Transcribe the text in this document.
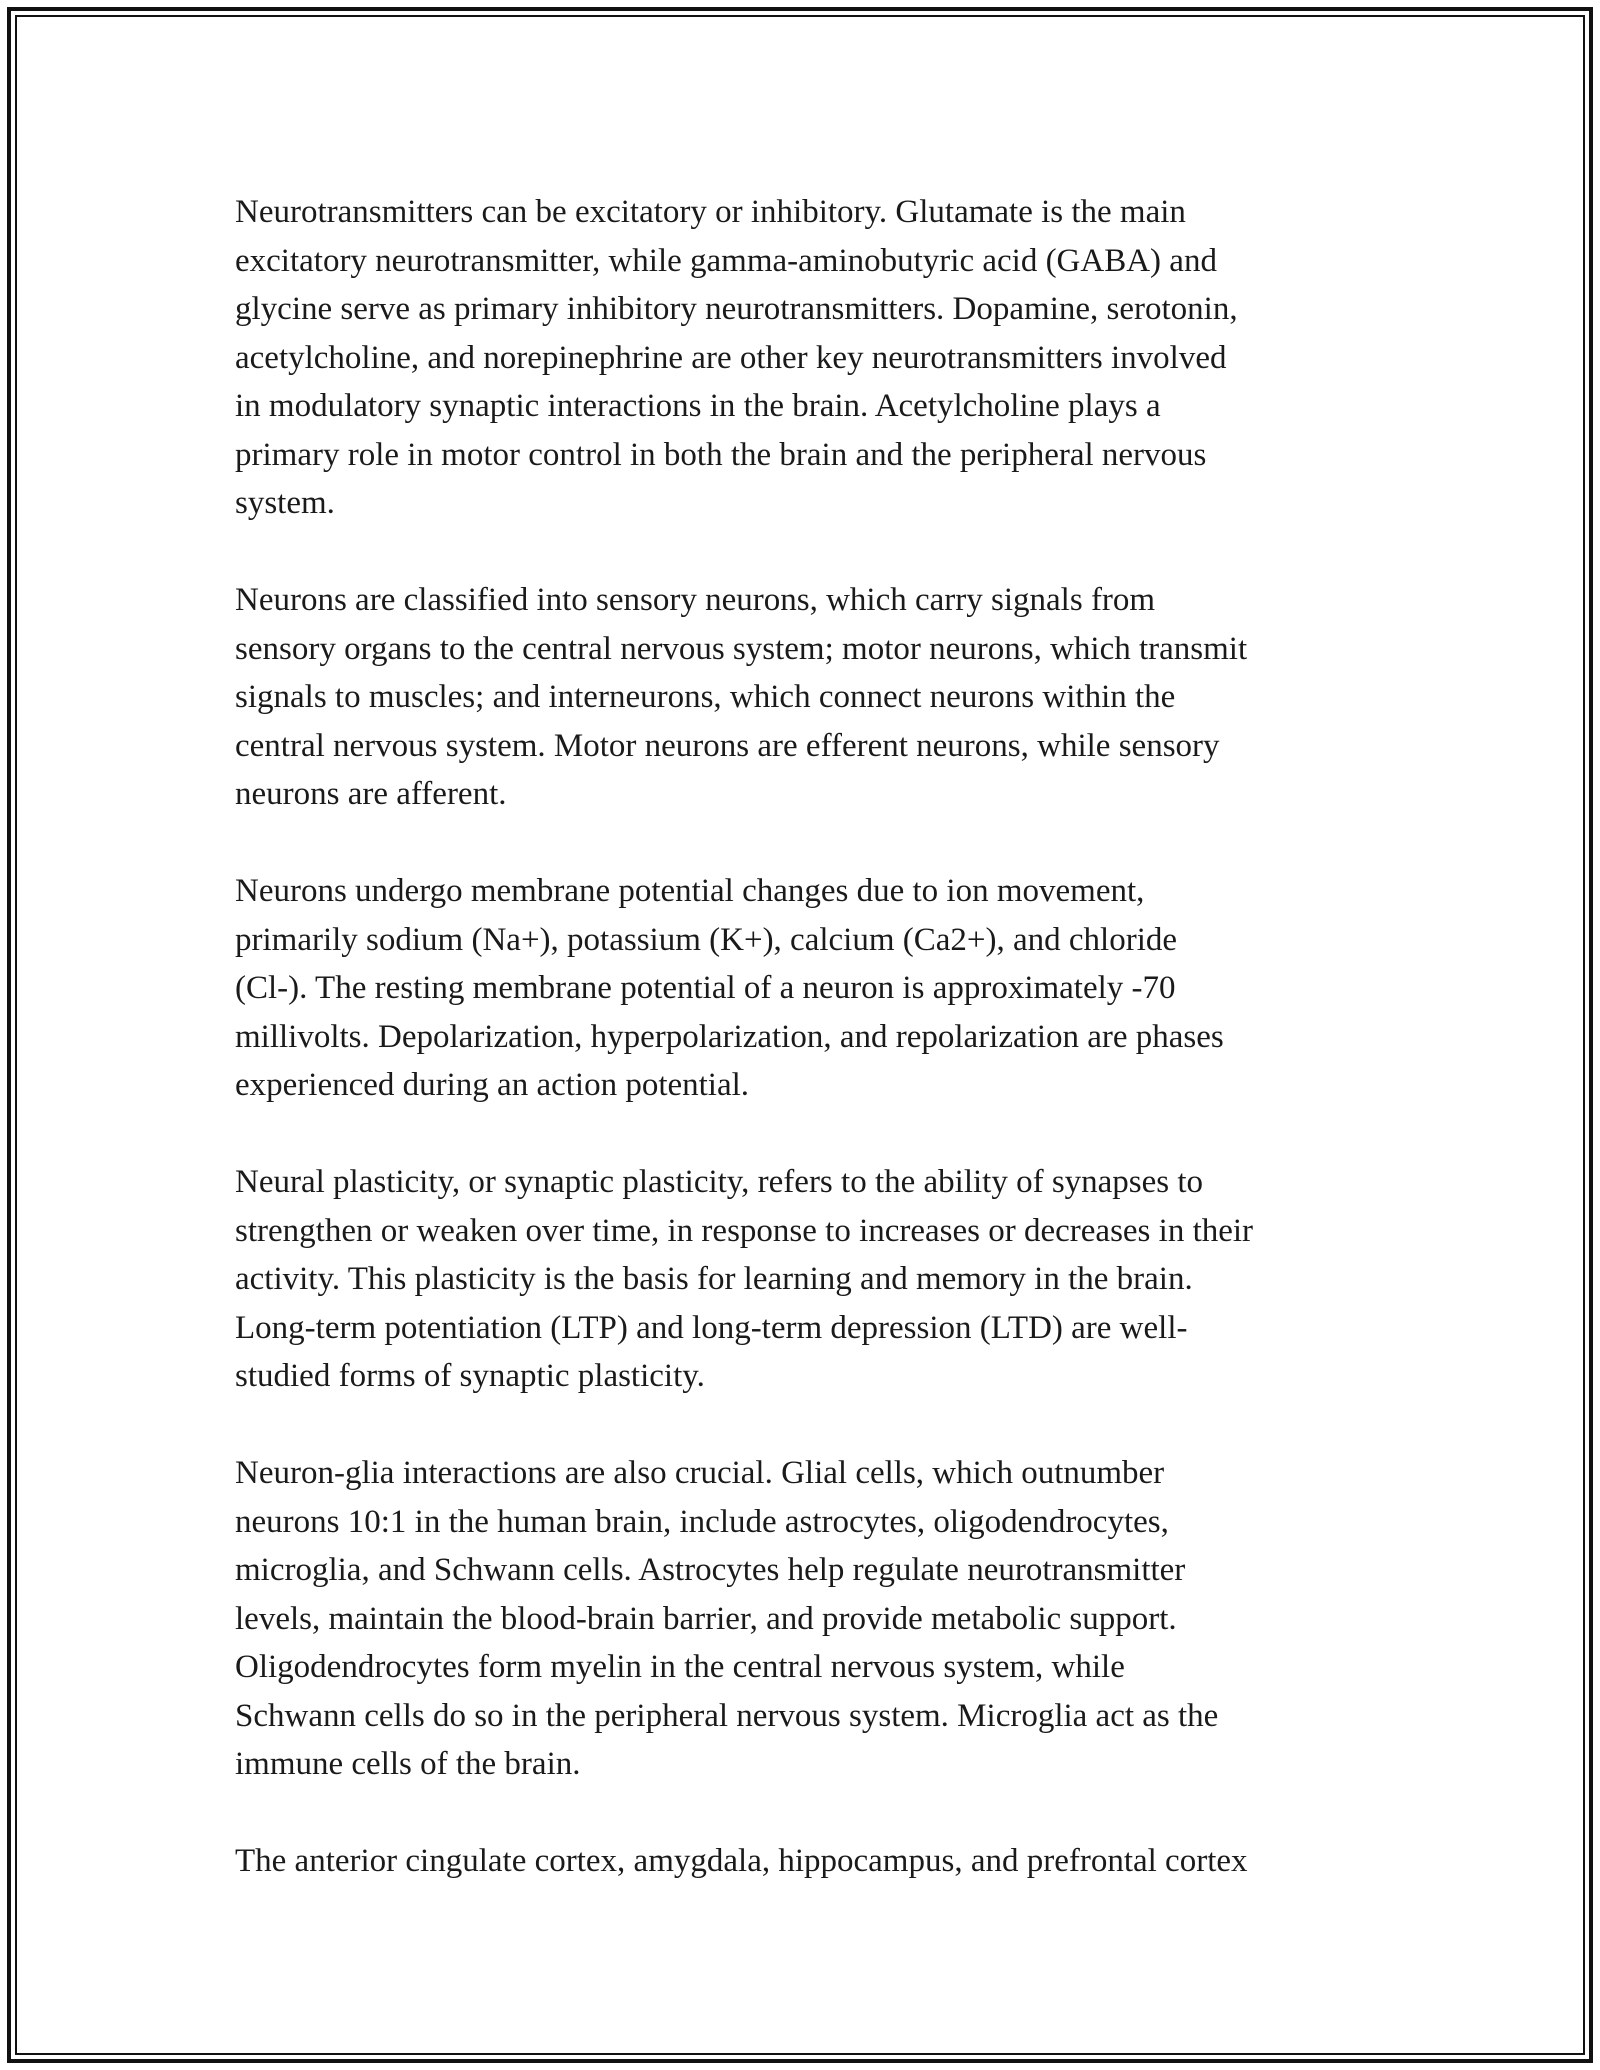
Neurotransmitters can be excitatory or inhibitory. Glutamate is the main
excitatory neurotransmitter, while gamma-aminobutyric acid (GABA) and
glycine serve as primary inhibitory neurotransmitters. Dopamine, serotonin,
acetylcholine, and norepinephrine are other key neurotransmitters involved
in modulatory synaptic interactions in the brain. Acetylcholine plays a
primary role in motor control in both the brain and the peripheral nervous
system.

Neurons are classified into sensory neurons, which carry signals from
sensory organs to the central nervous system; motor neurons, which transmit
signals to muscles; and interneurons, which connect neurons within the
central nervous system. Motor neurons are efferent neurons, while sensory
neurons are afferent.

Neurons undergo membrane potential changes due to ion movement,
primarily sodium (Na+), potassium (K+), calcium (Ca2+), and chloride
(Cl-). The resting membrane potential of a neuron is approximately -70
millivolts. Depolarization, hyperpolarization, and repolarization are phases
experienced during an action potential.

Neural plasticity, or synaptic plasticity, refers to the ability of synapses to
strengthen or weaken over time, in response to increases or decreases in their
activity. This plasticity is the basis for learning and memory in the brain.
Long-term potentiation (LTP) and long-term depression (LTD) are well-
studied forms of synaptic plasticity.

Neuron-glia interactions are also crucial. Glial cells, which outnumber
neurons 10:1 in the human brain, include astrocytes, oligodendrocytes,
microglia, and Schwann cells. Astrocytes help regulate neurotransmitter
levels, maintain the blood-brain barrier, and provide metabolic support.
Oligodendrocytes form myelin in the central nervous system, while
Schwann cells do so in the peripheral nervous system. Microglia act as the
immune cells of the brain.

The anterior cingulate cortex, amygdala, hippocampus, and prefrontal cortex
